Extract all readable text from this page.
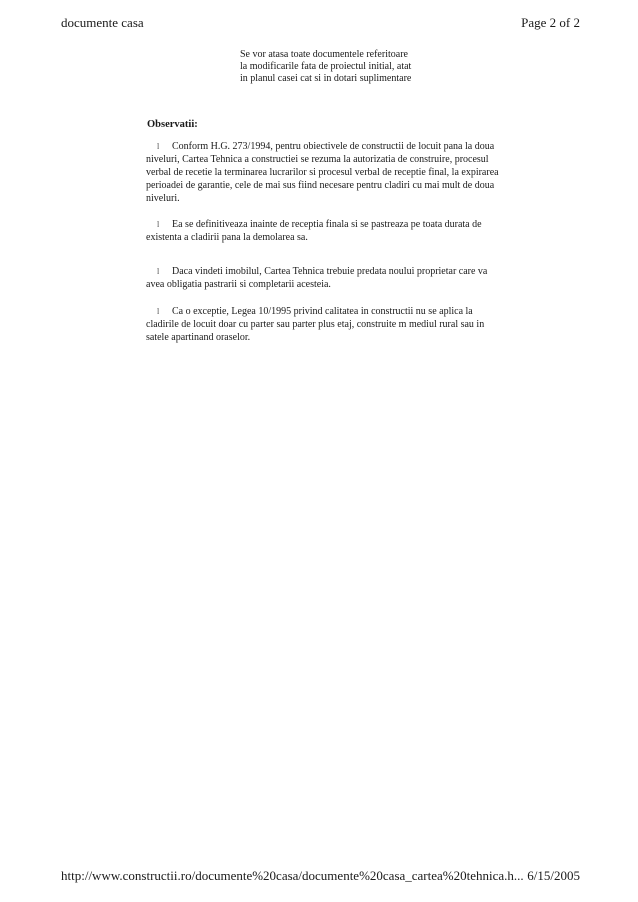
documente casa	Page 2 of 2
Se vor atasa toate documentele referitoare
la modificarile fata de proiectul initial, atat
in planul casei cat si in dotari suplimentare
Observatii:
l Conform H.G. 273/1994, pentru obiectivele de constructii de locuit pana la doua
niveluri, Cartea Tehnica a constructiei se rezuma la autorizatia de construire, procesul
verbal de recetie la terminarea lucrarilor si procesul verbal de receptie final, la expirarea
perioadei de garantie, cele de mai sus fiind necesare pentru cladiri cu mai mult de doua
niveluri.
l Ea se definitiveaza inainte de receptia finala si se pastreaza pe toata durata de
existenta a cladirii pana la demolarea sa.
l Daca vindeti imobilul, Cartea Tehnica trebuie predata noului proprietar care va
avea obligatia pastrarii si completarii acesteia.
l Ca o exceptie, Legea 10/1995 privind calitatea in constructii nu se aplica la
cladirile de locuit doar cu parter sau parter plus etaj, construite m mediul rural sau in
satele apartinand oraselor.
http://www.constructii.ro/documente%20casa/documente%20casa_cartea%20tehnica.h... 6/15/2005
